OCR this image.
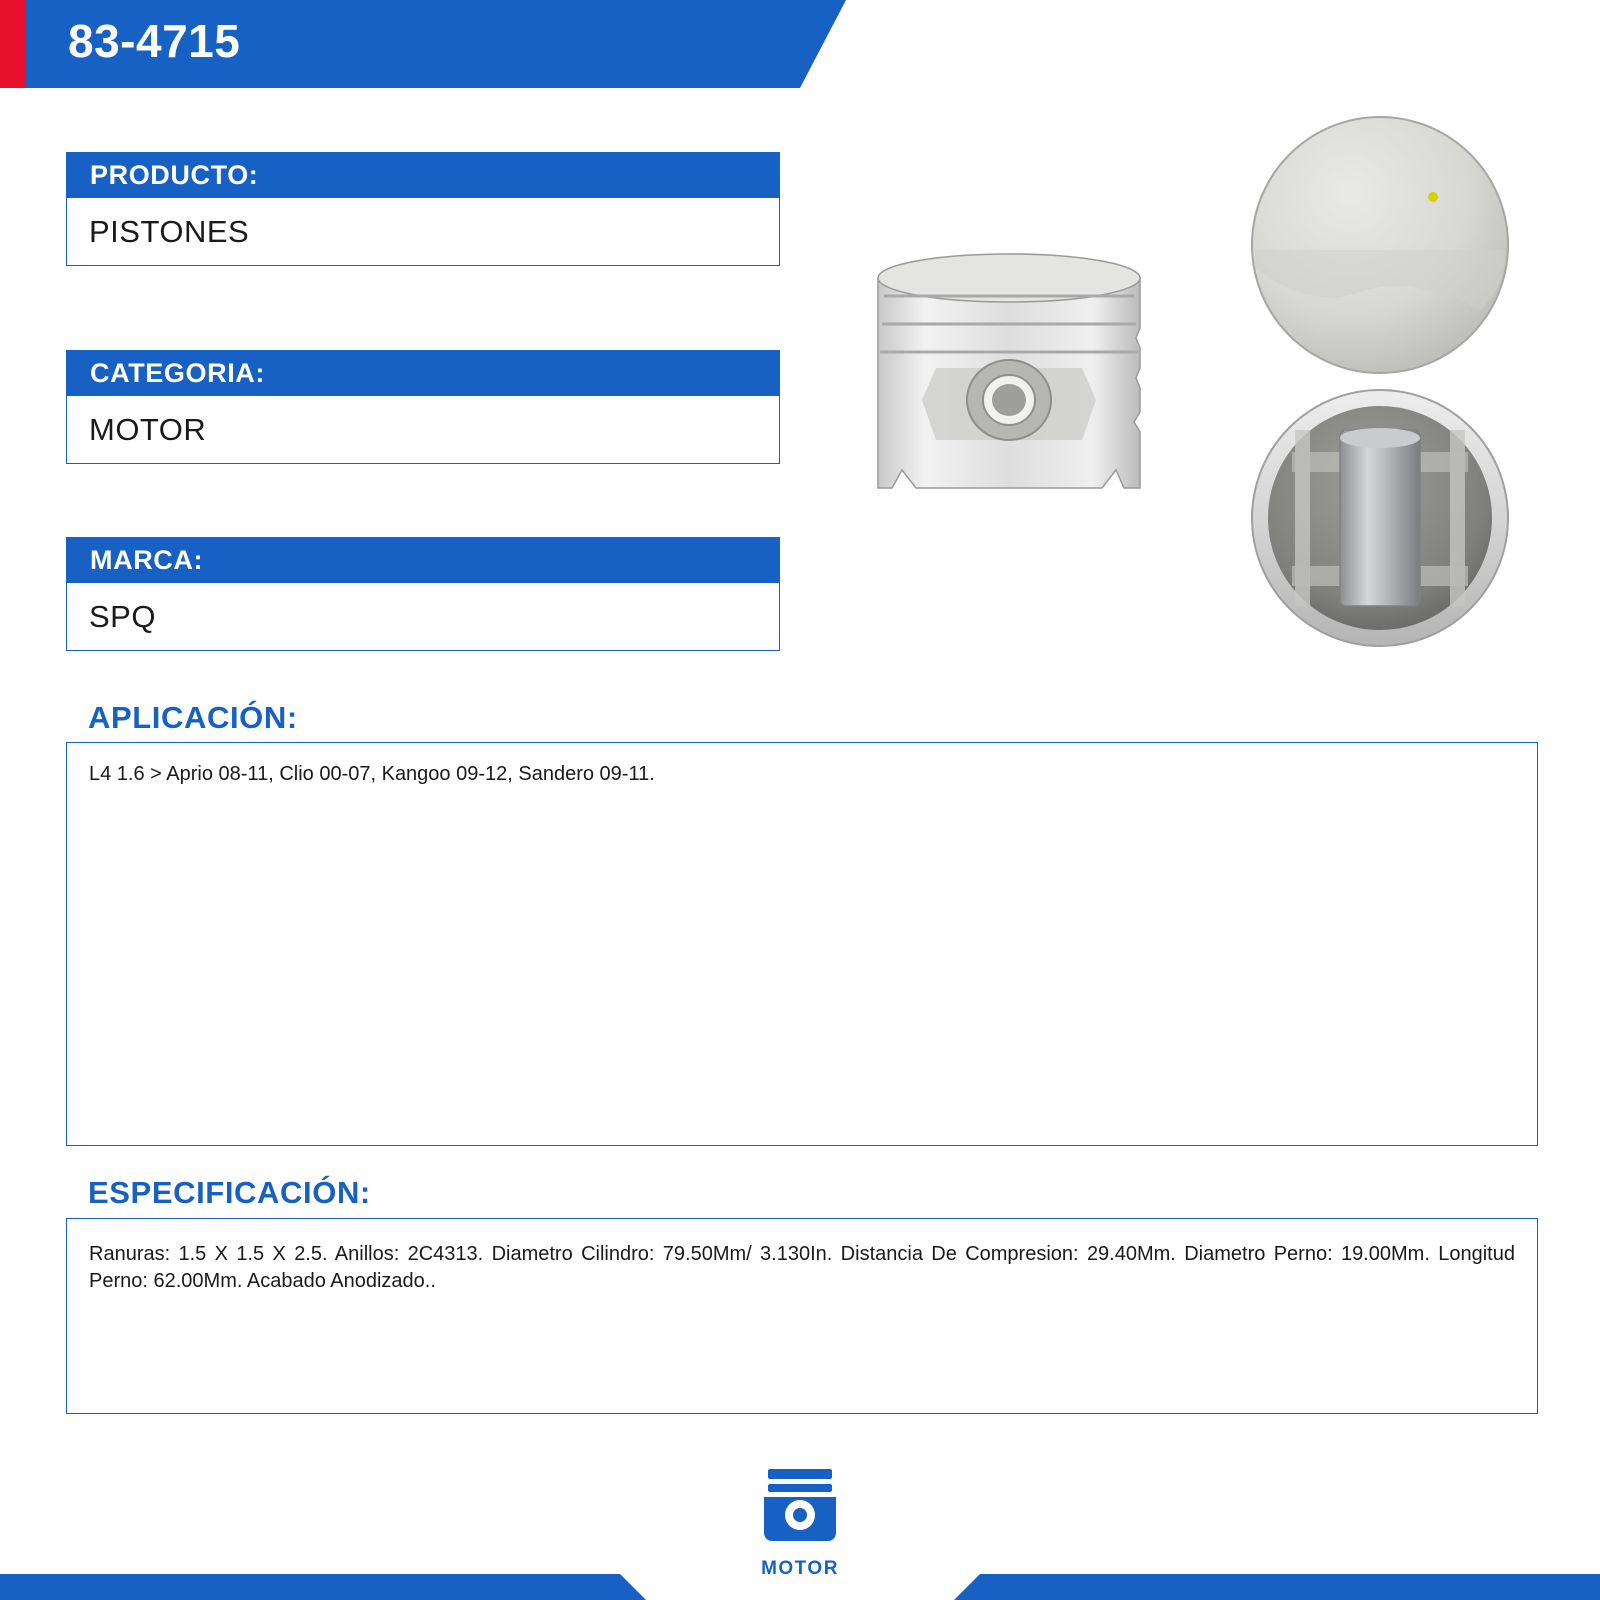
83-4715
PRODUCTO:
PISTONES
CATEGORIA:
MOTOR
MARCA:
SPQ
APLICACIÓN:
L4 1.6 > Aprio 08-11, Clio 00-07, Kangoo 09-12, Sandero 09-11.
ESPECIFICACIÓN:
Ranuras: 1.5 X 1.5 X 2.5. Anillos: 2C4313. Diametro Cilindro: 79.50Mm/ 3.130In. Distancia De Compresion: 29.40Mm. Diametro Perno: 19.00Mm. Longitud Perno: 62.00Mm. Acabado Anodizado..
MOTOR
